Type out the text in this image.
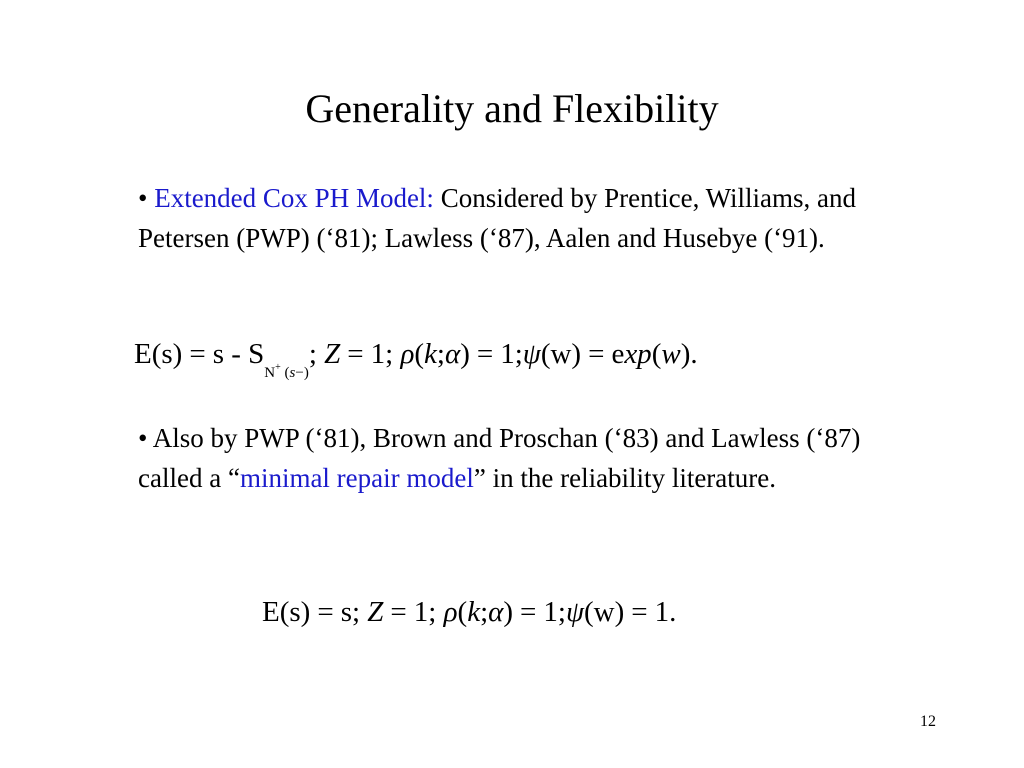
Generality and Flexibility
• Extended Cox PH Model: Considered by Prentice, Williams, and Petersen (PWP) (‘81); Lawless (‘87), Aalen and Husebye (‘91).
E(s) = s - SN+ (s−); Z = 1; ρ(k;α) = 1;ψ(w) = exp(w).
• Also by PWP (‘81), Brown and Proschan (‘83) and Lawless (‘87) called a “minimal repair model” in the reliability literature.
E(s) = s; Z = 1; ρ(k;α) = 1;ψ(w) = 1.
12
